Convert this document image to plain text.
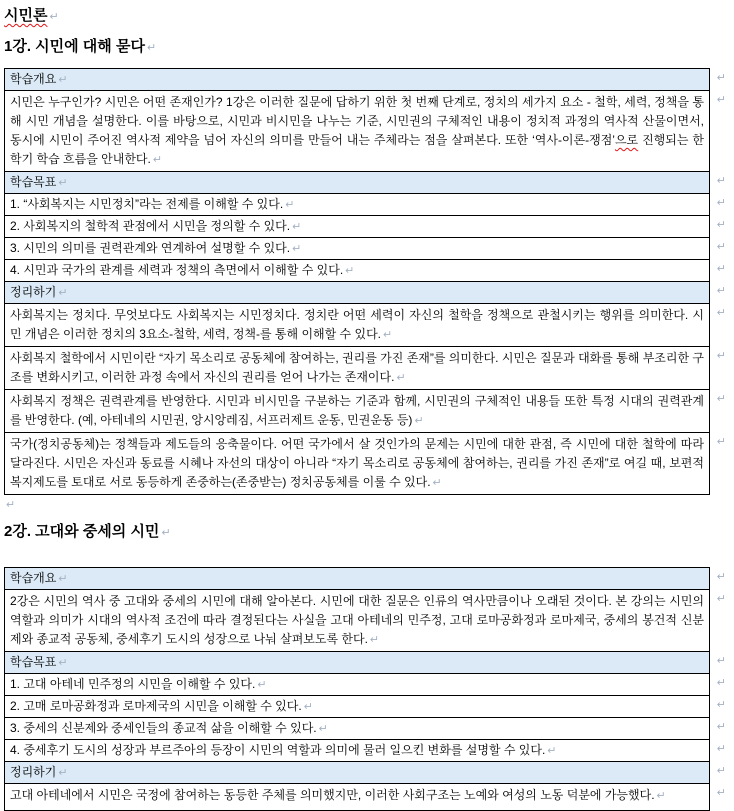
시민론 ↵
1강. 시민에 대해 묻다 ↵
학습개요 ↵	↵
시민은 누구인가? 시민은 어떤 존재인가? 1강은 이러한 질문에 답하기 위한 첫 번째 단계로, 정치의 세가지 요소 - 철학, 세력, 정책을 통해 시민 개념을 설명한다. 이를 바탕으로, 시민과 비시민을 나누는 기준, 시민권의 구체적인 내용이 정치적 과정의 역사적 산물이면서, 동시에 시민이 주어진 역사적 제약을 넘어 자신의 의미를 만들어 내는 주체라는 점을 살펴본다. 또한 ‘역사-이론-쟁점’으로 진행되는 한 학기 학습 흐름을 안내한다. ↵
↵
학습목표 ↵	↵
1. “사회복지는 시민정치”라는 전제를 이해할 수 있다. ↵	↵
2. 사회복지의 철학적 관점에서 시민을 정의할 수 있다. ↵	↵
3. 시민의 의미를 권력관계와 연계하여 설명할 수 있다. ↵	↵
4. 시민과 국가의 관계를 세력과 정책의 측면에서 이해할 수 있다. ↵	↵
정리하기 ↵	↵
사회복지는 정치다. 무엇보다도 사회복지는 시민정치다. 정치란 어떤 세력이 자신의 철학을 정책으로 관철시키는 행위를 의미한다. 시민 개념은 이러한 정치의 3요소-철학, 세력, 정책-를 통해 이해할 수 있다. ↵
↵
사회복지 철학에서 시민이란 “자기 목소리로 공동체에 참여하는, 권리를 가진 존재”를 의미한다. 시민은 질문과 대화를 통해 부조리한 구조를 변화시키고, 이러한 과정 속에서 자신의 권리를 얻어 나가는 존재이다. ↵
↵
사회복지 정책은 권력관계를 반영한다. 시민과 비시민을 구분하는 기준과 함께, 시민권의 구체적인 내용들 또한 특정 시대의 권력관계를 반영한다. (예, 아테네의 시민권, 앙시앙레짐, 서프러제트 운동, 민권운동 등) ↵
↵
국가(정치공동체)는 정책들과 제도들의 응축물이다. 어떤 국가에서 살 것인가의 문제는 시민에 대한 관점, 즉 시민에 대한 철학에 따라 달라진다. 시민은 자신과 동료를 시혜나 자선의 대상이 아니라 “자기 목소리로 공동체에 참여하는, 권리를 가진 존재”로 여길 때, 보편적 복지제도를 토대로 서로 동등하게 존중하는(존중받는) 정치공동체를 이룰 수 있다. ↵
↵
↵
2강. 고대와 중세의 시민 ↵
학습개요 ↵	↵
2강은 시민의 역사 중 고대와 중세의 시민에 대해 알아본다. 시민에 대한 질문은 인류의 역사만큼이나 오래된 것이다. 본 강의는 시민의 역할과 의미가 시대의 역사적 조건에 따라 결정된다는 사실을 고대 아테네의 민주정, 고대 로마공화정과 로마제국, 중세의 봉건적 신분제와 종교적 공동체, 중세후기 도시의 성장으로 나눠 살펴보도록 한다. ↵
↵
학습목표 ↵	↵
1. 고대 아테네 민주정의 시민을 이해할 수 있다. ↵	↵
2. 고매 로마공화정과 로마제국의 시민을 이해할 수 있다. ↵	↵
3. 중세의 신분제와 중세인들의 종교적 삶을 이해할 수 있다. ↵	↵
4. 중세후기 도시의 성장과 부르주아의 등장이 시민의 역할과 의미에 물러 일으킨 변화를 설명할 수 있다. ↵	↵
정리하기 ↵	↵
고대 아테네에서 시민은 국정에 참여하는 동등한 주체를 의미했지만, 이러한 사회구조는 노예와 여성의 노동 덕분에 가능했다. ↵	↵
